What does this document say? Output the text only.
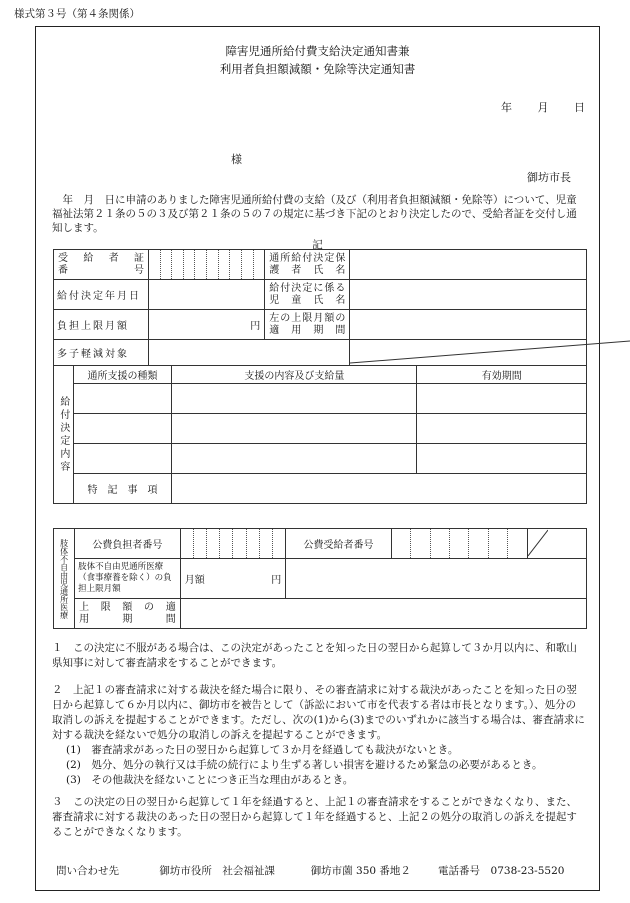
様式第３号（第４条関係）
障害児通所給付費支給決定通知書兼
利用者負担額減額・免除等決定通知書
年 月 日
様
御坊市長
　年　月　日に申請のありました障害児通所給付費の支給（及び（利用者負担額減額・免除等）について、児童福祉法第２１条の５の３及び第２１条の５の７の規定に基づき下記のとおり決定したので、受給者証を交付し通知します。
記
受　給　者　証　番　　　　　号												通所給付決定保護者氏名		
給付決定年月日												給付決定に係る児童氏名		
負担上限月額		円										左の上限月額の適用期間		
多子軽減対象		

給付決定内容	通所支援の種類			支援の内容及び支給量										有効期間

	特　記　事　項													
肢体不自由児通所医療	公費負担者番号									公費受給者番号								

	肢体不自由児通所医療（食事療養を除く）の負担上限月額	月額 円																

	上　限　額　の　適　用　期　間																	
１　この決定に不服がある場合は、この決定があったことを知った日の翌日から起算して３か月以内に、和歌山県知事に対して審査請求をすることができます。

２　上記１の審査請求に対する裁決を経た場合に限り、その審査請求に対する裁決があったことを知った日の翌日から起算して６か月以内に、御坊市を被告として（訴訟において市を代表する者は市長となります。）、処分の取消しの訴えを提起することができます。ただし、次の(1)から(3)までのいずれかに該当する場合は、審査請求に対する裁決を経ないで処分の取消しの訴えを提起することができます。

(1)　審査請求があった日の翌日から起算して３か月を経過しても裁決がないとき。

(2)　処分、処分の執行又は手続の続行により生ずる著しい損害を避けるため緊急の必要があるとき。

(3)　その他裁決を経ないことにつき正当な理由があるとき。

３　この決定の日の翌日から起算して１年を経過すると、上記１の審査請求をすることができなくなり、また、審査請求に対する裁決のあった日の翌日から起算して１年を経過すると、上記２の処分の取消しの訴えを提起することができなくなります。
問い合わせ先	御坊市役所　社会福祉課	御坊市薗 350 番地２	電話番号　0738-23-5520
